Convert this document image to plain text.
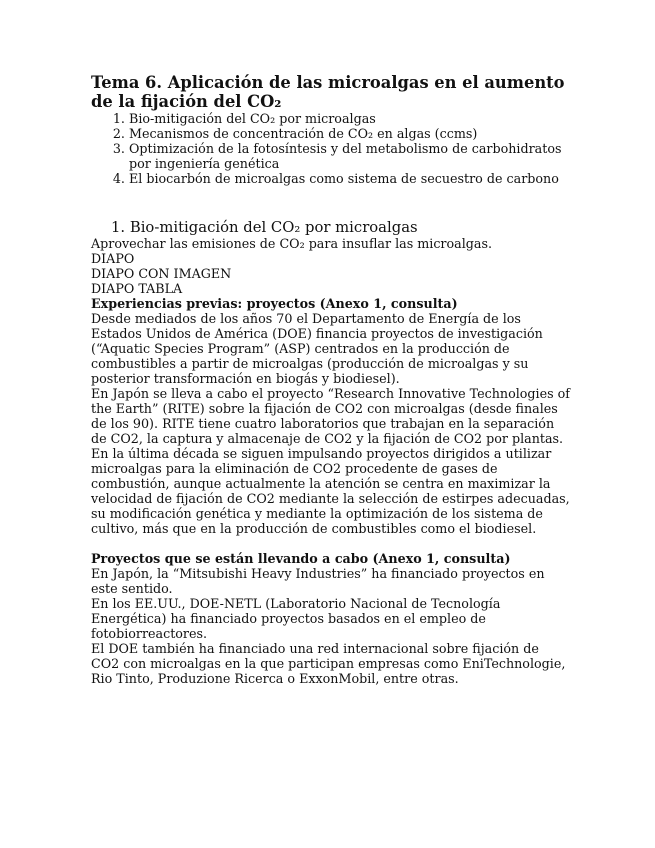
Tema 6. Aplicación de las microalgas en el aumento de la fijación del CO₂
1. Bio-mitigación del CO₂ por microalgas
2. Mecanismos de concentración de CO₂ en algas (ccms)
3. Optimización de la fotosíntesis y del metabolismo de carbohidratos por ingeniería genética
4. El biocarbón de microalgas como sistema de secuestro de carbono
1. Bio-mitigación del CO₂ por microalgas

Aprovechar las emisiones de CO₂ para insuflar las microalgas.

DIAPO

DIAPO CON IMAGEN

DIAPO TABLA

Experiencias previas: proyectos (Anexo 1, consulta)

Desde mediados de los años 70 el Departamento de Energía de los Estados Unidos de América (DOE) financia proyectos de investigación (“Aquatic Species Program” (ASP) centrados en la producción de combustibles a partir de microalgas (producción de microalgas y su posterior transformación en biogás y biodiesel).

En Japón se lleva a cabo el proyecto “Research Innovative Technologies of the Earth” (RITE) sobre la fijación de CO2 con microalgas (desde finales de los 90). RITE tiene cuatro laboratorios que trabajan en la separación de CO2, la captura y almacenaje de CO2 y la fijación de CO2 por plantas.

En la última década se siguen impulsando proyectos dirigidos a utilizar microalgas para la eliminación de CO2 procedente de gases de combustión, aunque actualmente la atención se centra en maximizar la velocidad de fijación de CO2 mediante la selección de estirpes adecuadas, su modificación genética y mediante la optimización de los sistema de cultivo, más que en la producción de combustibles como el biodiesel.

Proyectos que se están llevando a cabo (Anexo 1, consulta)

En Japón, la “Mitsubishi Heavy Industries” ha financiado proyectos en este sentido.

En los EE.UU., DOE-NETL (Laboratorio Nacional de Tecnología Energética) ha financiado proyectos basados en el empleo de fotobiorreactores.

El DOE también ha financiado una red internacional sobre fijación de CO2 con microalgas en la que participan empresas como EniTechnologie, Rio Tinto, Produzione Ricerca o ExxonMobil, entre otras.
